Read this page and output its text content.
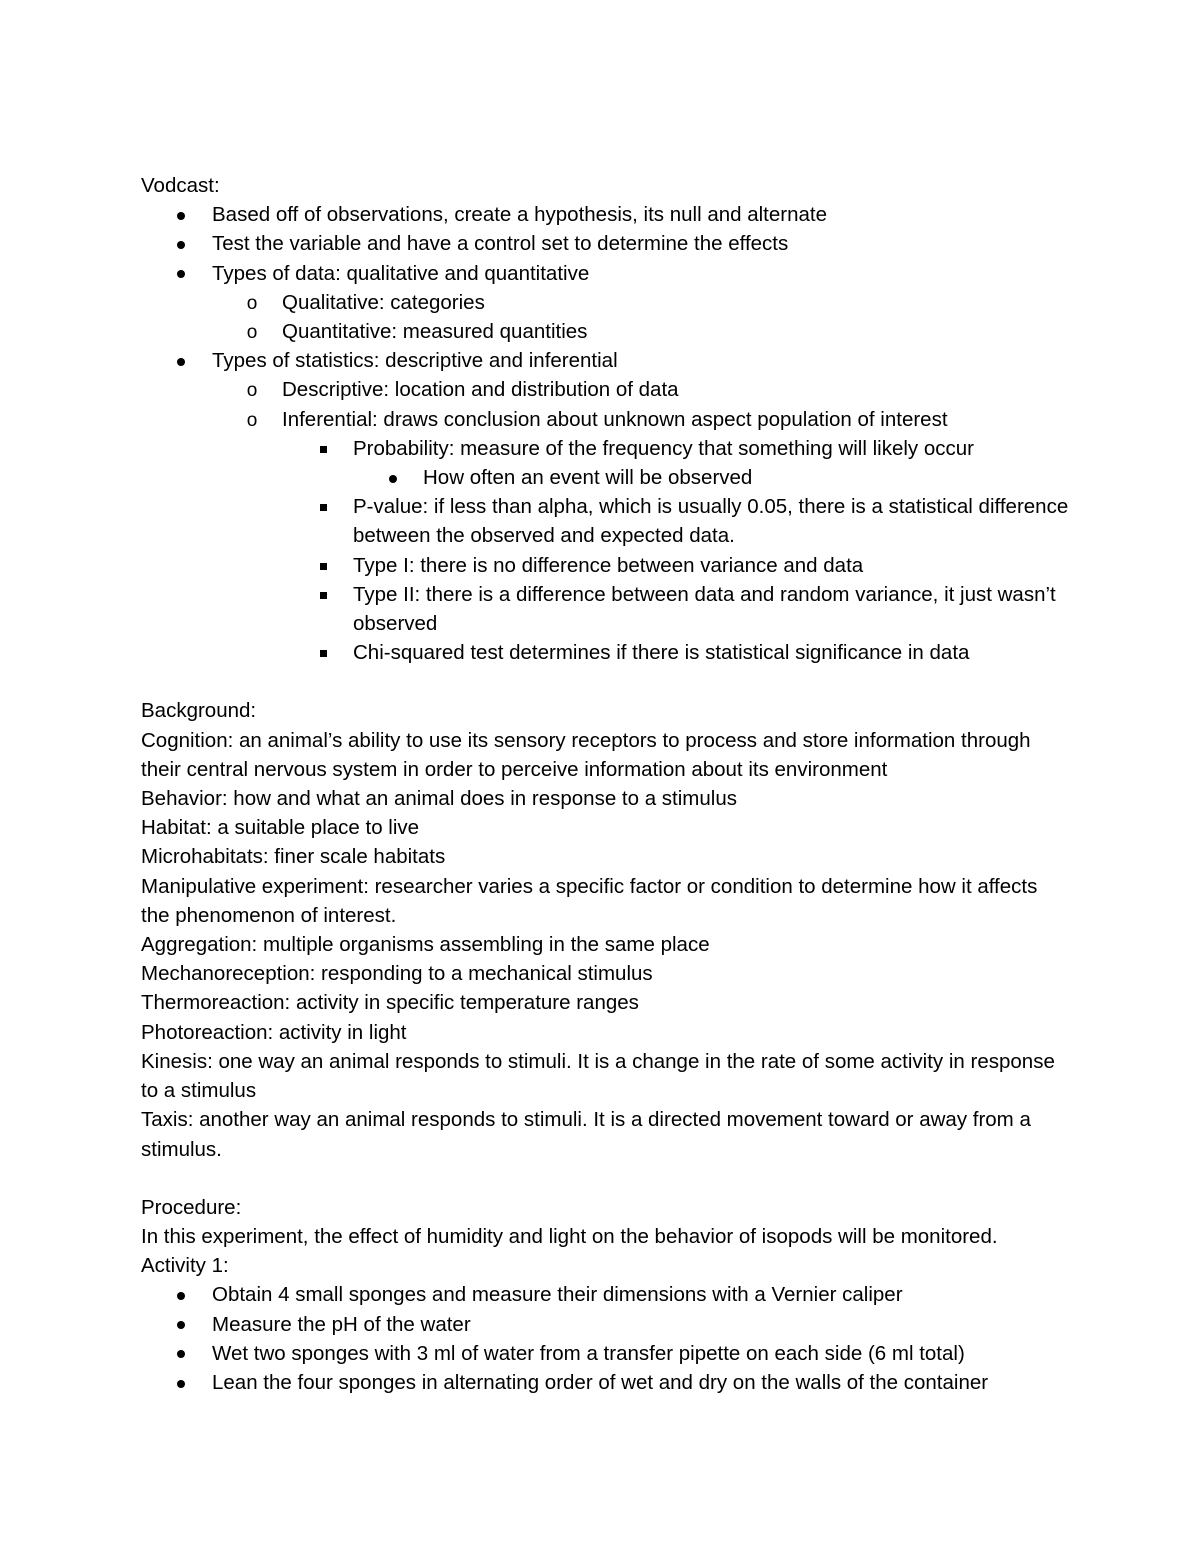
Vodcast:
Based off of observations, create a hypothesis, its null and alternate
Test the variable and have a control set to determine the effects
Types of data: qualitative and quantitative
o
Qualitative: categories
o
Quantitative: measured quantities
Types of statistics: descriptive and inferential
o
Descriptive: location and distribution of data
o
Inferential: draws conclusion about unknown aspect population of interest
Probability: measure of the frequency that something will likely occur
How often an event will be observed
P-value: if less than alpha, which is usually 0.05, there is a statistical difference between the observed and expected data.
Type I: there is no difference between variance and data
Type II: there is a difference between data and random variance, it just wasn’t observed
Chi-squared test determines if there is statistical significance in data
Background:
Cognition: an animal’s ability to use its sensory receptors to process and store information through their central nervous system in order to perceive information about its environment
Behavior: how and what an animal does in response to a stimulus
Habitat: a suitable place to live
Microhabitats: finer scale habitats
Manipulative experiment: researcher varies a specific factor or condition to determine how it affects the phenomenon of interest.
Aggregation: multiple organisms assembling in the same place
Mechanoreception: responding to a mechanical stimulus
Thermoreaction: activity in specific temperature ranges
Photoreaction: activity in light
Kinesis: one way an animal responds to stimuli. It is a change in the rate of some activity in response to a stimulus
Taxis: another way an animal responds to stimuli. It is a directed movement toward or away from a stimulus.
Procedure:
In this experiment, the effect of humidity and light on the behavior of isopods will be monitored.
Activity 1:
Obtain 4 small sponges and measure their dimensions with a Vernier caliper
Measure the pH of the water
Wet two sponges with 3 ml of water from a transfer pipette on each side (6 ml total)
Lean the four sponges in alternating order of wet and dry on the walls of the container
